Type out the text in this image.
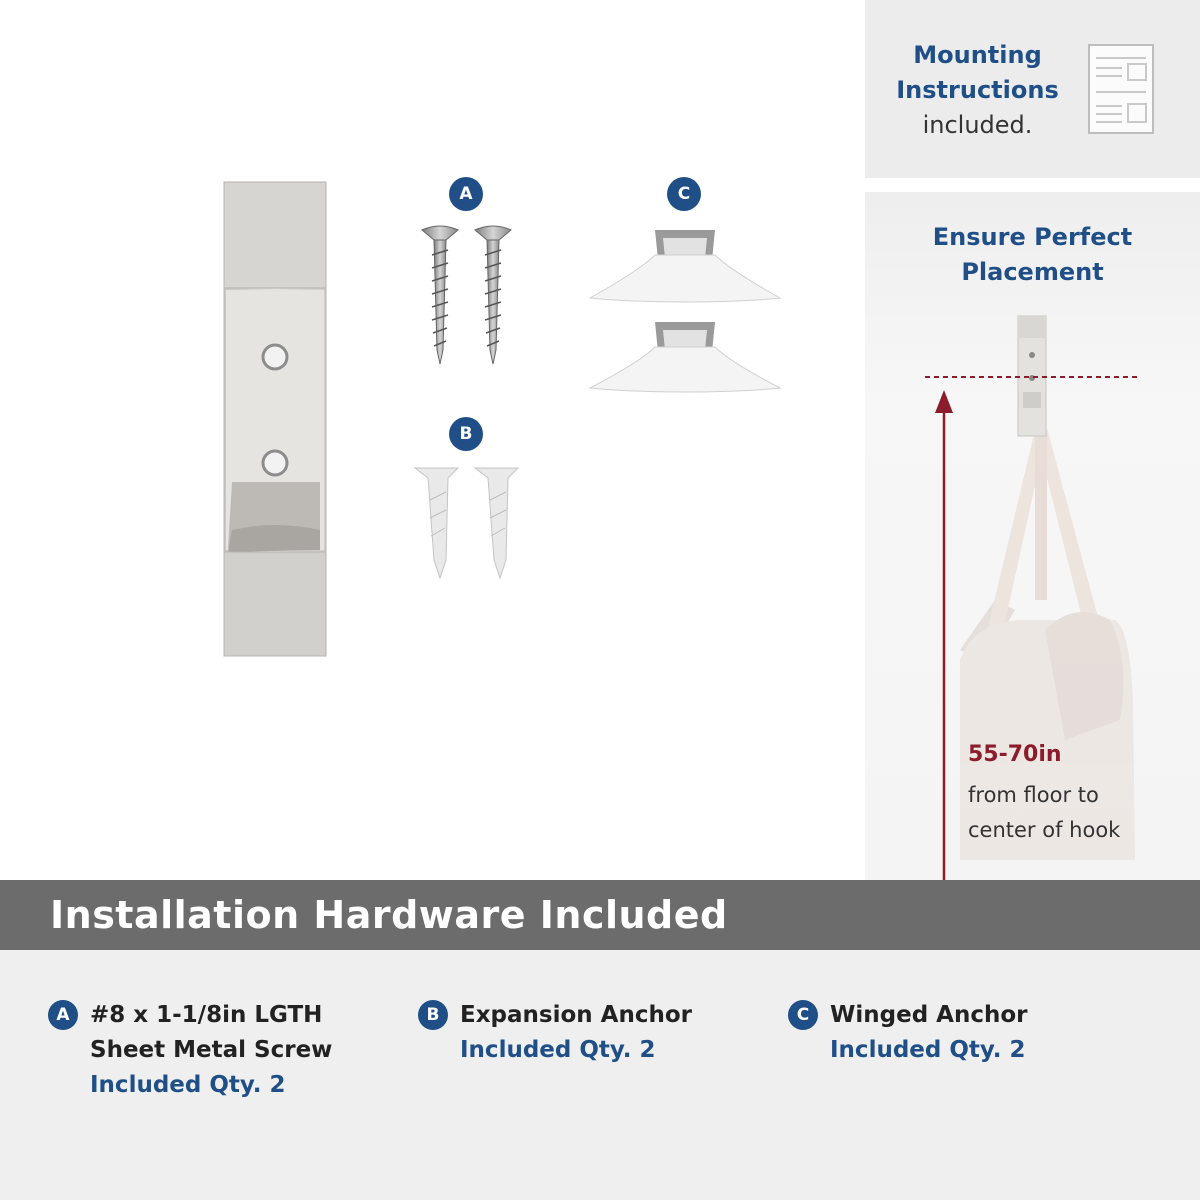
Mounting
Instructions
included.
Ensure Perfect
Placement
55-70in
from floor to
center of hook
A
B
C
Installation Hardware Included
A #8 x 1-1/8in LGTH
Sheet Metal Screw
Included Qty. 2
B Expansion Anchor
Included Qty. 2
C Winged Anchor
Included Qty. 2
